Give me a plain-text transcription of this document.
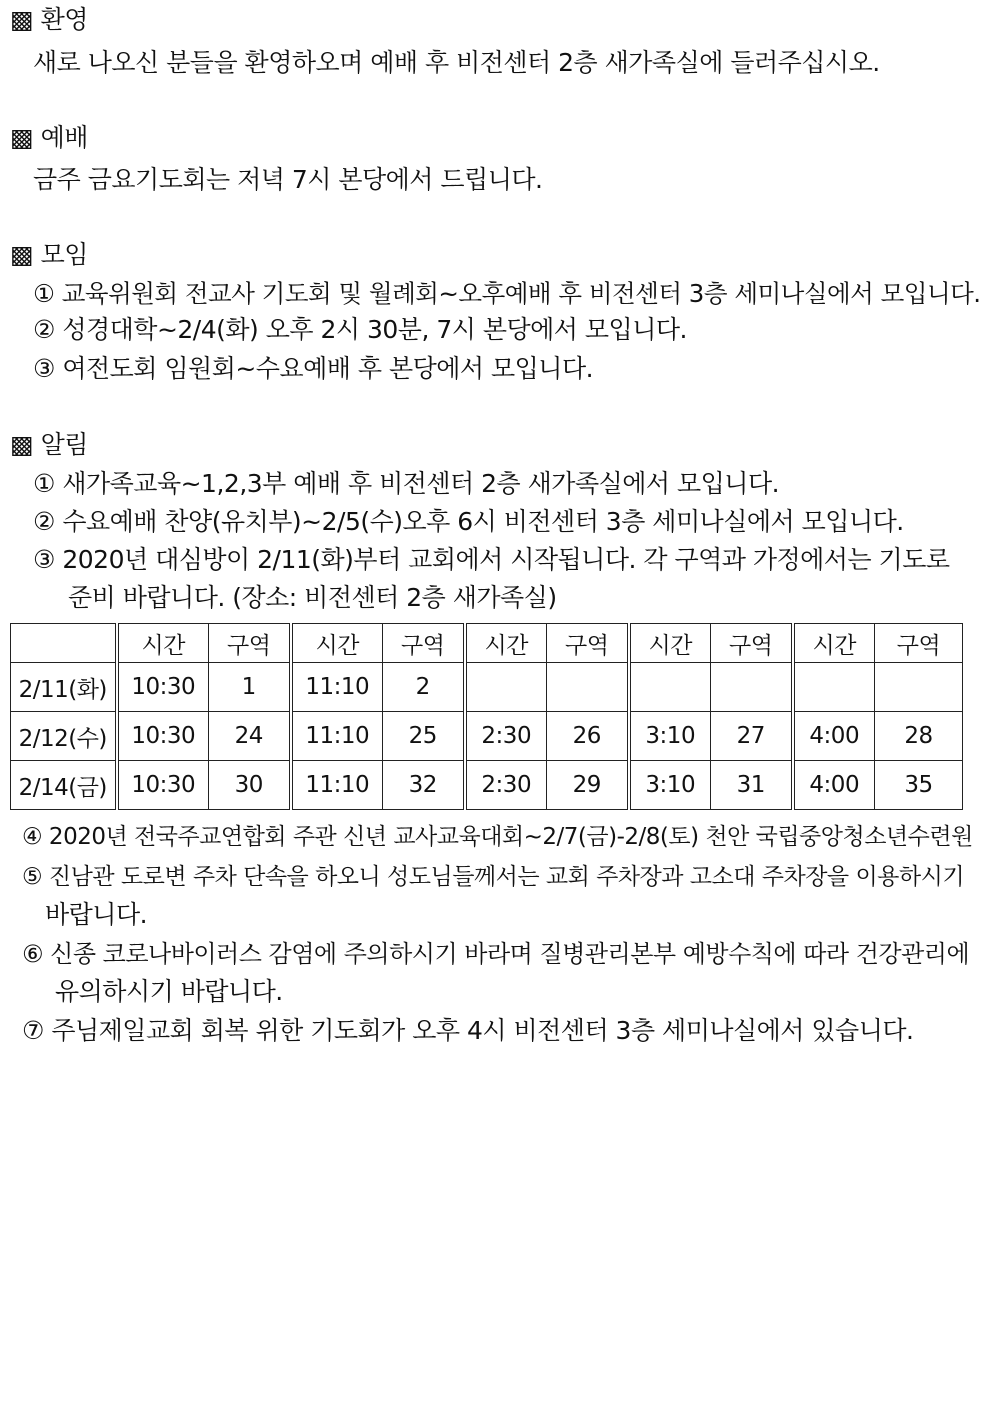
▩ 환영
새로 나오신 분들을 환영하오며 예배 후 비전센터 2층 새가족실에 들러주십시오.
▩ 예배
금주 금요기도회는 저녁 7시 본당에서 드립니다.
▩ 모임
① 교육위원회 전교사 기도회 및 월례회~오후예배 후 비전센터 3층 세미나실에서 모입니다.
② 성경대학~2/4(화) 오후 2시 30분, 7시 본당에서 모입니다.
③ 여전도회 임원회~수요예배 후 본당에서 모입니다.
▩ 알림
① 새가족교육~1,2,3부 예배 후 비전센터 2층 새가족실에서 모입니다.
② 수요예배 찬양(유치부)~2/5(수)오후 6시 비전센터 3층 세미나실에서 모입니다.
③ 2020년 대심방이 2/11(화)부터 교회에서 시작됩니다. 각 구역과 가정에서는 기도로
준비 바랍니다. (장소: 비전센터 2층 새가족실)
	시간	구역	시간	구역	시간	구역	시간	구역	시간	구역
2/11(화)	10:30	1	11:10	2						
2/12(수)	10:30	24	11:10	25	2:30	26	3:10	27	4:00	28
2/14(금)	10:30	30	11:10	32	2:30	29	3:10	31	4:00	35
④ 2020년 전국주교연합회 주관 신년 교사교육대회~2/7(금)-2/8(토) 천안 국립중앙청소년수련원
⑤ 진남관 도로변 주차 단속을 하오니 성도님들께서는 교회 주차장과 고소대 주차장을 이용하시기
바랍니다.
⑥ 신종 코로나바이러스 감염에 주의하시기 바라며 질병관리본부 예방수칙에 따라 건강관리에
유의하시기 바랍니다.
⑦ 주님제일교회 회복 위한 기도회가 오후 4시 비전센터 3층 세미나실에서 있습니다.
